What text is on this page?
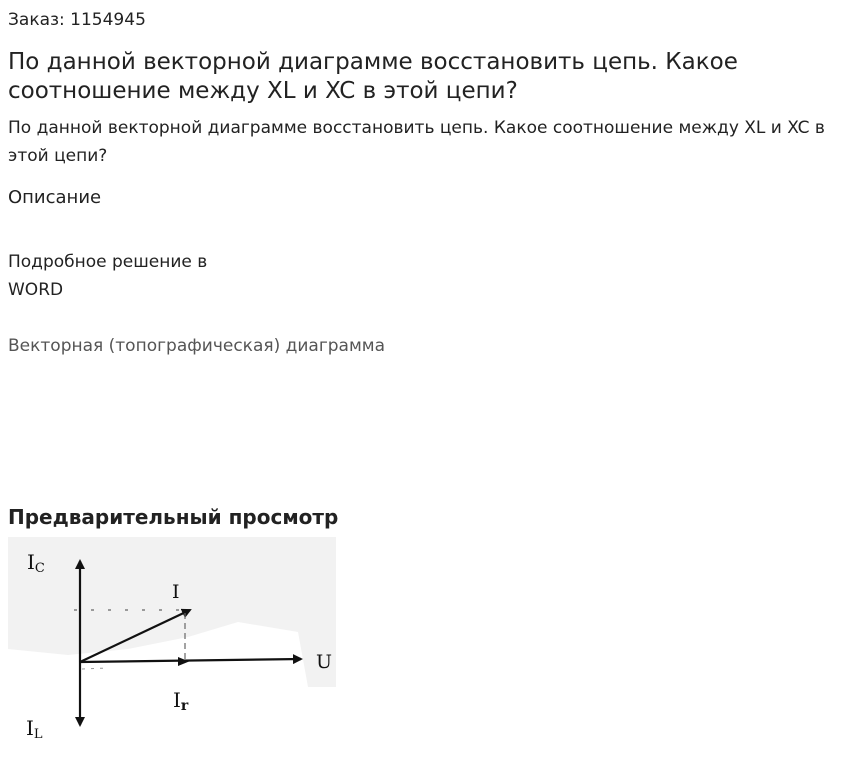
Заказ: 1154945
По данной векторной диаграмме восстановить цепь. Какое соотношение между XL и XC в этой цепи?
По данной векторной диаграмме восстановить цепь. Какое соотношение между XL и XC в этой цепи?
Описание
Подробное решение в WORD
Векторная (топографическая) диаграмма
Предварительный просмотр
IC
I
U
Ir
IL
